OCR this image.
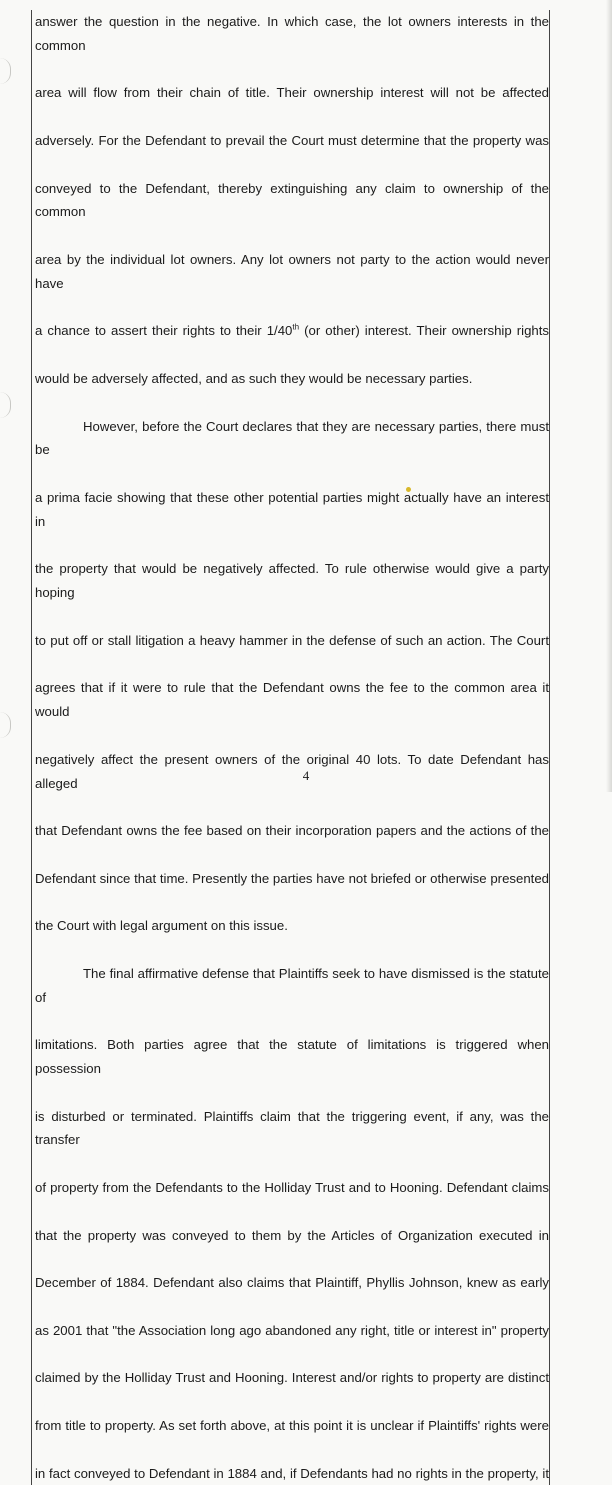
answer the question in the negative. In which case, the lot owners interests in the common

area will flow from their chain of title. Their ownership interest will not be affected

adversely. For the Defendant to prevail the Court must determine that the property was

conveyed to the Defendant, thereby extinguishing any claim to ownership of the common

area by the individual lot owners. Any lot owners not party to the action would never have

a chance to assert their rights to their 1/40th (or other) interest. Their ownership rights

would be adversely affected, and as such they would be necessary parties.

However, before the Court declares that they are necessary parties, there must be

a prima facie showing that these other potential parties might actually have an interest in

the property that would be negatively affected. To rule otherwise would give a party hoping

to put off or stall litigation a heavy hammer in the defense of such an action. The Court

agrees that if it were to rule that the Defendant owns the fee to the common area it would

negatively affect the present owners of the original 40 lots. To date Defendant has alleged

that Defendant owns the fee based on their incorporation papers and the actions of the

Defendant since that time. Presently the parties have not briefed or otherwise presented

the Court with legal argument on this issue.

The final affirmative defense that Plaintiffs seek to have dismissed is the statute of

limitations. Both parties agree that the statute of limitations is triggered when possession

is disturbed or terminated. Plaintiffs claim that the triggering event, if any, was the transfer

of property from the Defendants to the Holliday Trust and to Hooning. Defendant claims

that the property was conveyed to them by the Articles of Organization executed in

December of 1884. Defendant also claims that Plaintiff, Phyllis Johnson, knew as early

as 2001 that "the Association long ago abandoned any right, title or interest in" property

claimed by the Holliday Trust and Hooning. Interest and/or rights to property are distinct

from title to property. As set forth above, at this point it is unclear if Plaintiffs' rights were

in fact conveyed to Defendant in 1884 and, if Defendants had no rights in the property, it

4
